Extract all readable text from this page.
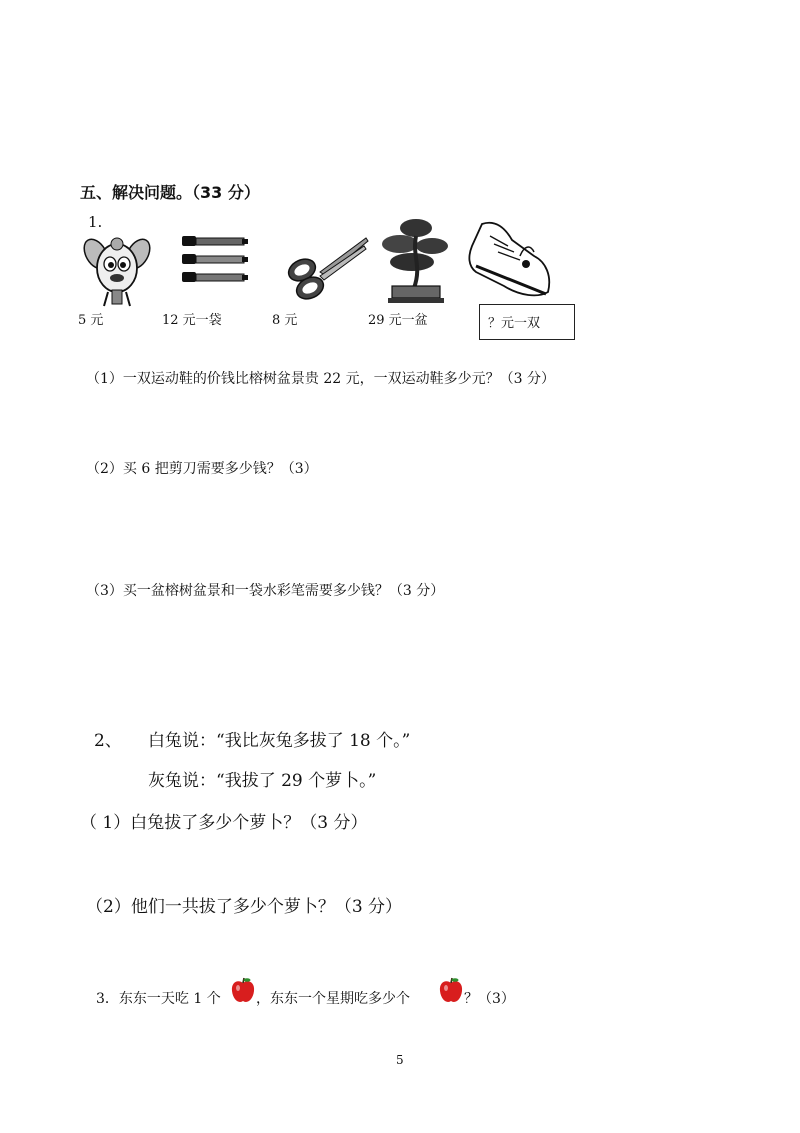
五、解决问题。（33 分）
1.
5 元	12 元一袋	8 元	29 元一盆	？元一双
（1）一双运动鞋的价钱比榕树盆景贵 22 元，一双运动鞋多少元？（3 分）
（2）买 6 把剪刀需要多少钱？（3）
（3）买一盆榕树盆景和一袋水彩笔需要多少钱？（3 分）
2、 白兔说：“我比灰兔多拔了 18 个。”
灰兔说：“我拔了 29 个萝卜。”
（ 1）白兔拔了多少个萝卜？（3 分）
（2）他们一共拔了多少个萝卜？（3 分）
3．东东一天吃 1 个	，东东一个星期吃多少个	？（3）
5
